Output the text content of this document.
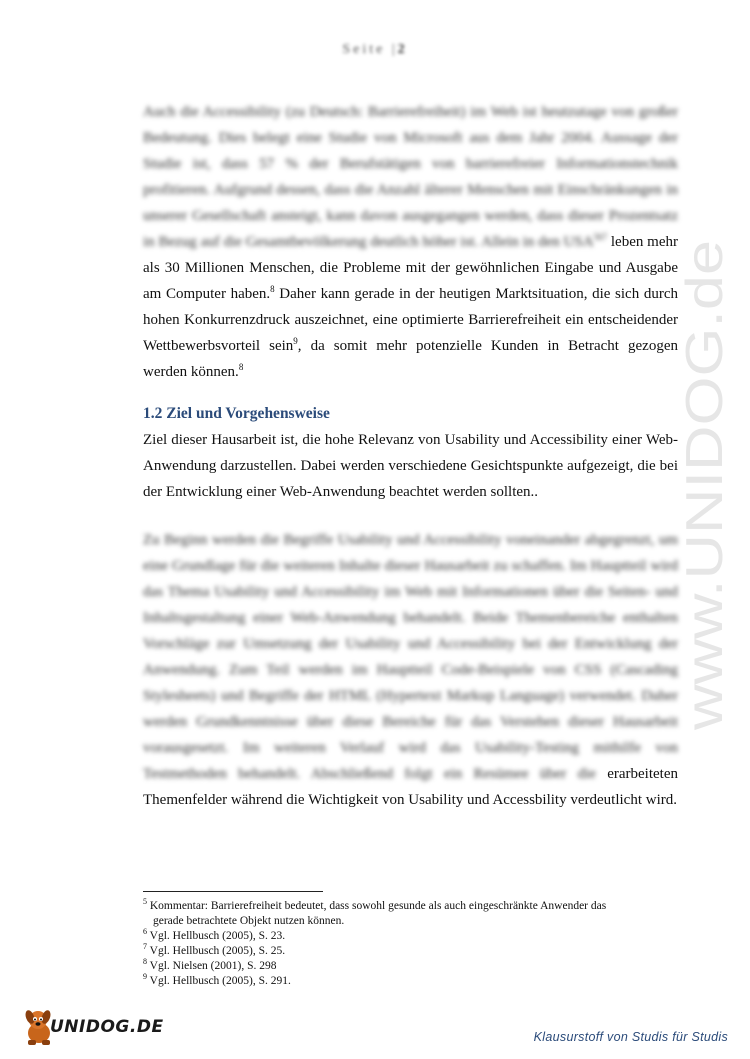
Seite |2
Auch die Accessibility (zu Deutsch: Barrierefreiheit) im Web ist heutzutage von großer Bedeutung. Dies belegt eine Studie von Microsoft aus dem Jahr 2004. Aussage der Studie ist, dass 57 % der Berufstätigen von barrierefreier Informationstechnik profitieren. Aufgrund dessen, dass die Anzahl älterer Menschen mit Einschränkungen in unserer Gesellschaft ansteigt, kann davon ausgegangen werden, dass dieser Prozentsatz in Bezug auf die Gesamtbevölkerung deutlich höher ist. Allein in den USA$^{567}$ leben mehr als 30 Millionen Menschen, die Probleme mit der gewöhnlichen Eingabe und Ausgabe am Computer haben.$^8$ Daher kann gerade in der heutigen Marktsituation, die sich durch hohen Konkurrenzdruck auszeichnet, eine optimierte Barrierefreiheit ein entscheidender Wettbewerbsvorteil sein$^9$, da somit mehr potenzielle Kunden in Betracht gezogen werden können.$^8$
1.2 Ziel und Vorgehensweise
Ziel dieser Hausarbeit ist, die hohe Relevanz von Usability und Accessibility einer Web-Anwendung darzustellen. Dabei werden verschiedene Gesichtspunkte aufgezeigt, die bei der Entwicklung einer Web-Anwendung beachtet werden sollten..
Zu Beginn werden die Begriffe Usability und Accessibility voneinander abgegrenzt, um eine Grundlage für die weiteren Inhalte dieser Hausarbeit zu schaffen. Im Hauptteil wird das Thema Usability und Accessibility im Web mit Informationen über die Seiten- und Inhaltsgestaltung einer Web-Anwendung behandelt. Beide Themenbereiche enthalten Vorschläge zur Umsetzung der Usability und Accessibility bei der Entwicklung der Anwendung. Zum Teil werden im Hauptteil Code-Beispiele von CSS (Cascading Stylesheets) und Begriffe der HTML (Hypertext Markup Language) verwendet. Daher werden Grundkenntnisse über diese Bereiche für das Verstehen dieser Hausarbeit vorausgesetzt. Im weiteren Verlauf wird das Usability-Testing mithilfe von Testmethoden behandelt. Abschließend folgt ein Resümee über die erarbeiteten Themenfelder während die Wichtigkeit von Usability und Accessbility verdeutlicht wird.

$^5$ Kommentar: Barrierefreiheit bedeutet, dass sowohl gesunde als auch eingeschränkte Anwender das
gerade betrachtete Objekt nutzen können.

$^6$ Vgl. Hellbusch (2005), S. 23.

$^7$ Vgl. Hellbusch (2005), S. 25.

$^8$ Vgl. Nielsen (2001), S. 298

$^9$ Vgl. Hellbusch (2005), S. 291.

www.UNIDOG.de
UNIDOG.DE	Klausurstoff von Studis für Studis
